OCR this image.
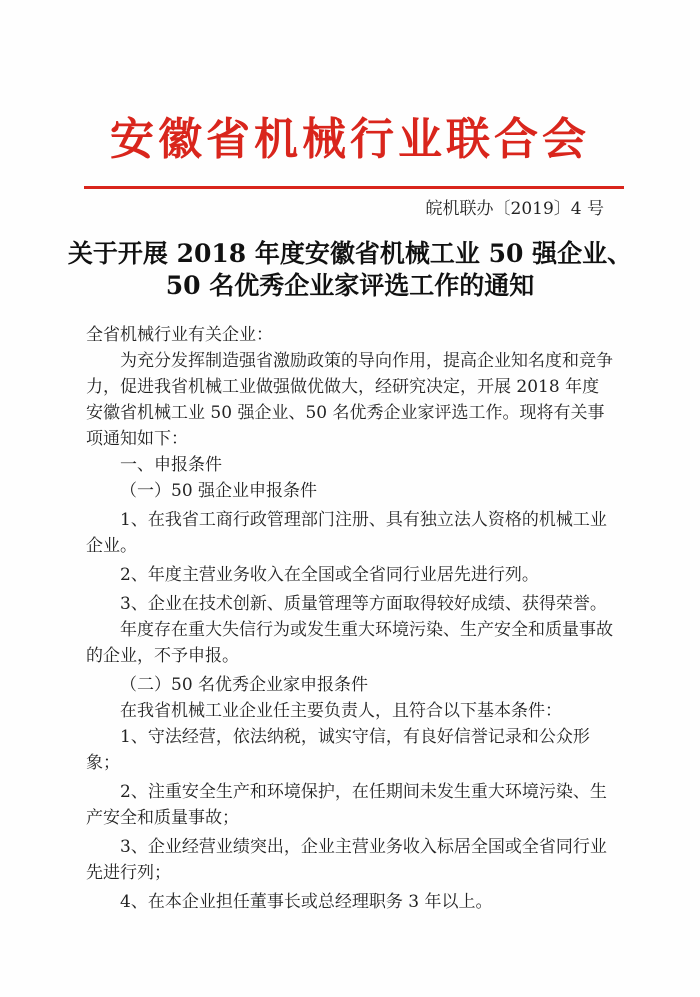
安徽省机械行业联合会
皖机联办〔2019〕4 号
关于开展 2018 年度安徽省机械工业 50 强企业、
50 名优秀企业家评选工作的通知

全省机械行业有关企业：

为充分发挥制造强省激励政策的导向作用，提高企业知名度和竞争力，促进我省机械工业做强做优做大，经研究决定，开展 2018 年度安徽省机械工业 50 强企业、50 名优秀企业家评选工作。现将有关事项通知如下：

一、申报条件

（一）50 强企业申报条件

1、在我省工商行政管理部门注册、具有独立法人资格的机械工业企业。

2、年度主营业务收入在全国或全省同行业居先进行列。

3、企业在技术创新、质量管理等方面取得较好成绩、获得荣誉。

年度存在重大失信行为或发生重大环境污染、生产安全和质量事故的企业，不予申报。

（二）50 名优秀企业家申报条件

在我省机械工业企业任主要负责人，且符合以下基本条件：

1、守法经营，依法纳税，诚实守信，有良好信誉记录和公众形象；

2、注重安全生产和环境保护，在任期间未发生重大环境污染、生产安全和质量事故；

3、企业经营业绩突出，企业主营业务收入标居全国或全省同行业先进行列；

4、在本企业担任董事长或总经理职务 3 年以上。
